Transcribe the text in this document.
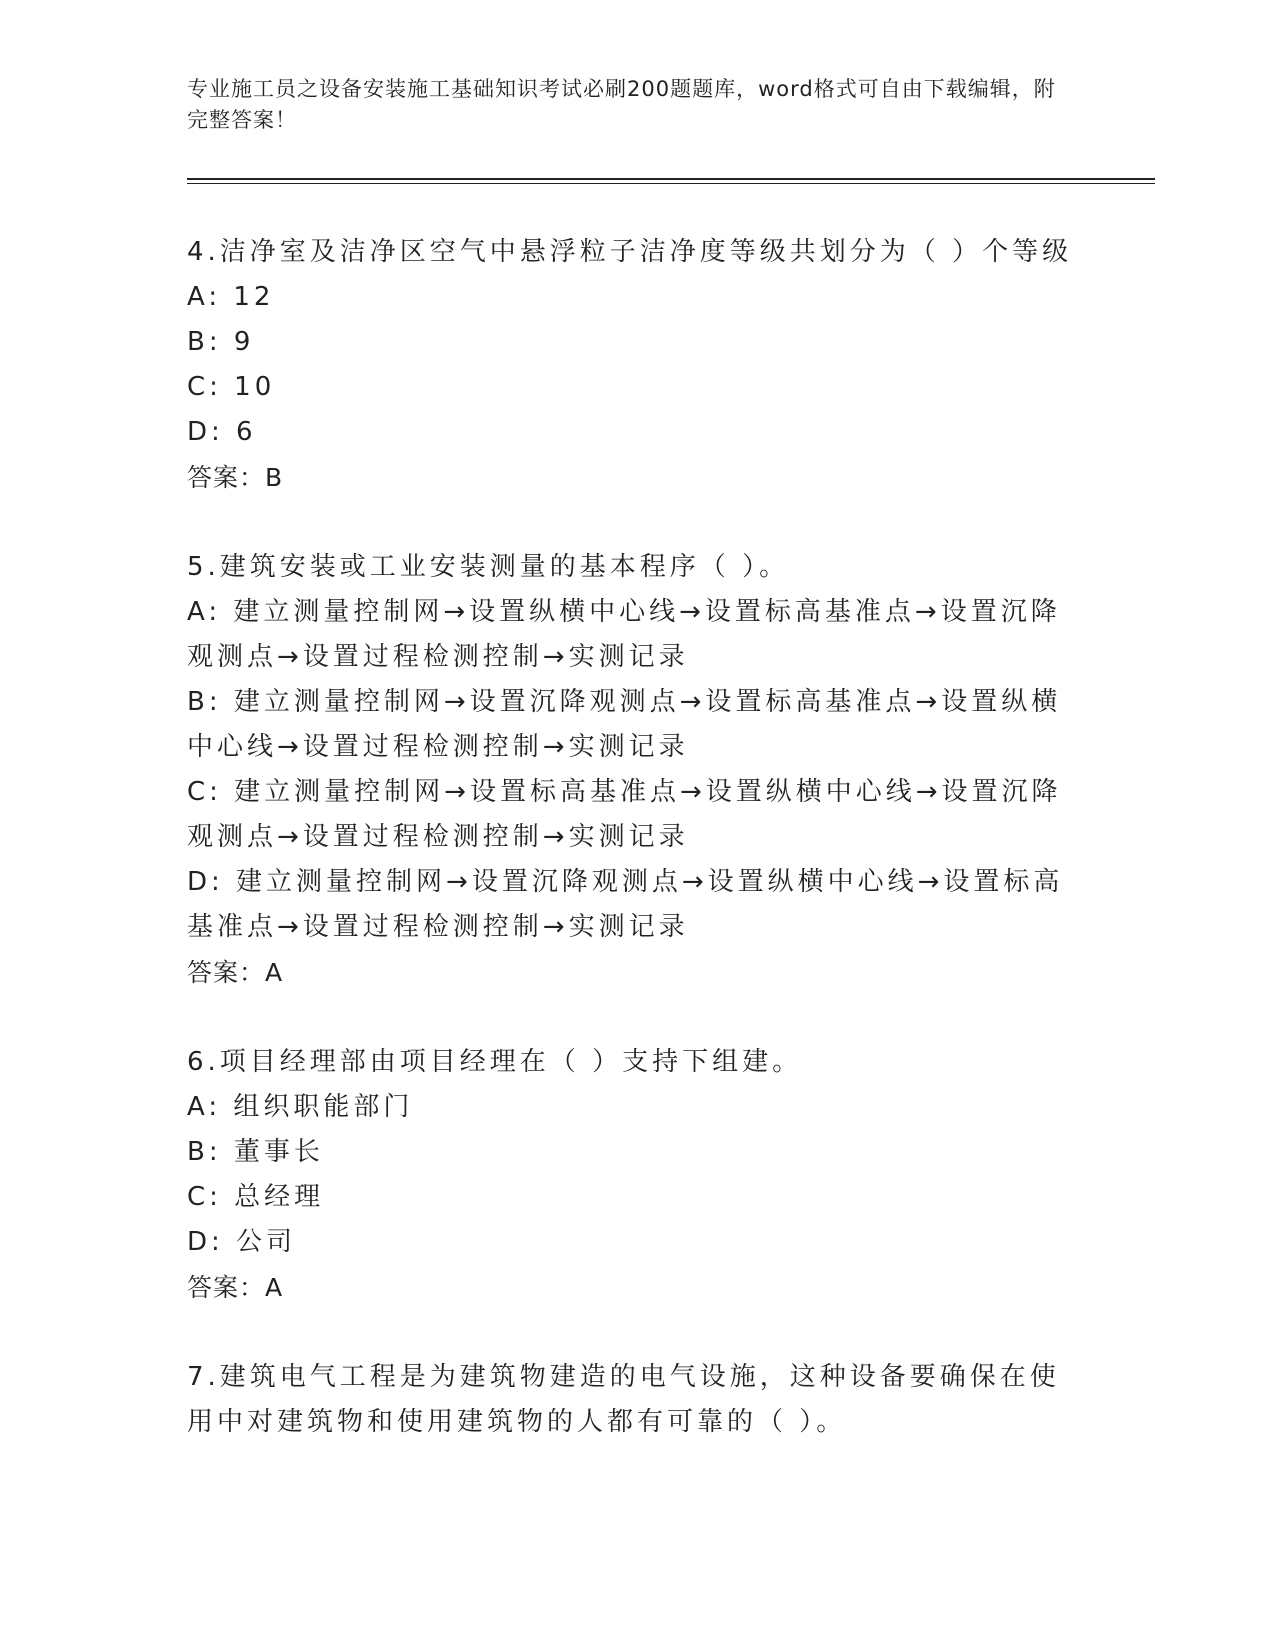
专业施工员之设备安装施工基础知识考试必刷200题题库，word格式可自由下载编辑，附完整答案！

4.洁净室及洁净区空气中悬浮粒子洁净度等级共划分为（ ）个等级

A: 12

B: 9

C: 10

D: 6

答案：B

5.建筑安装或工业安装测量的基本程序（ ）。

A: 建立测量控制网→设置纵横中心线→设置标高基准点→设置沉降观测点→设置过程检测控制→实测记录

B: 建立测量控制网→设置沉降观测点→设置标高基准点→设置纵横中心线→设置过程检测控制→实测记录

C: 建立测量控制网→设置标高基准点→设置纵横中心线→设置沉降观测点→设置过程检测控制→实测记录

D: 建立测量控制网→设置沉降观测点→设置纵横中心线→设置标高基准点→设置过程检测控制→实测记录

答案：A

6.项目经理部由项目经理在（ ）支持下组建。

A: 组织职能部门

B: 董事长

C: 总经理

D: 公司

答案：A

7.建筑电气工程是为建筑物建造的电气设施，这种设备要确保在使用中对建筑物和使用建筑物的人都有可靠的（ ）。
